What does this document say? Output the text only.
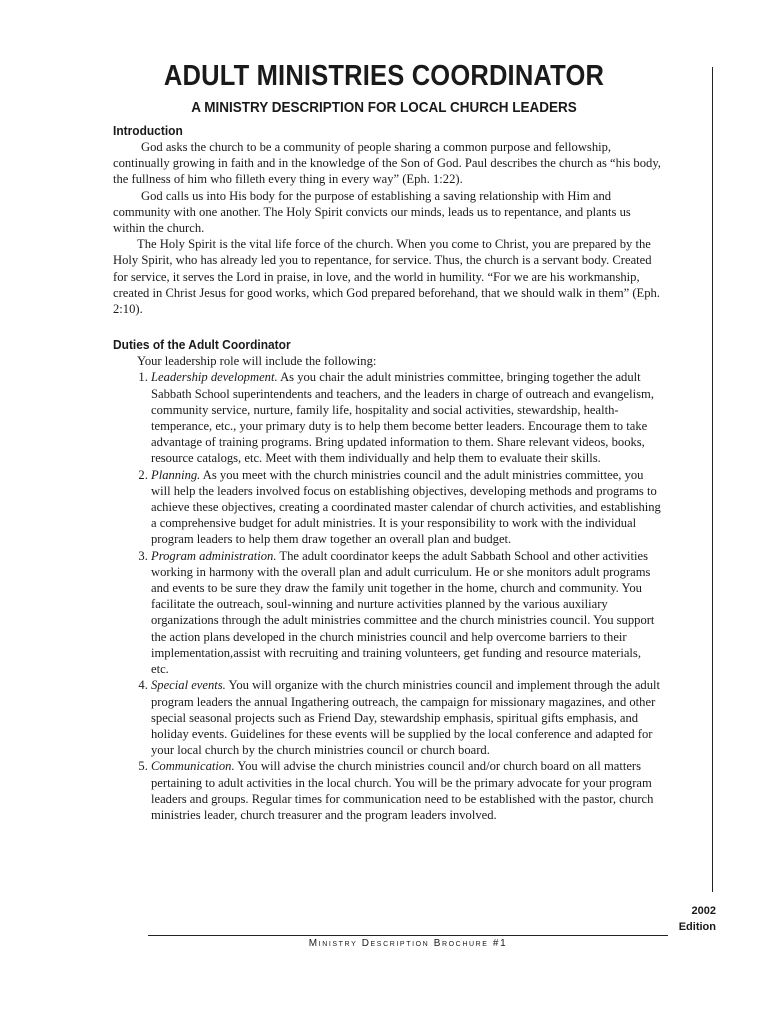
ADULT MINISTRIES COORDINATOR
A MINISTRY DESCRIPTION FOR LOCAL CHURCH LEADERS
Introduction

God asks the church to be a community of people sharing a common purpose and fellowship, continually growing in faith and in the knowledge of the Son of God. Paul describes the church as “his body, the fullness of him who filleth every thing in every way” (Eph. 1:22).

God calls us into His body for the purpose of establishing a saving relationship with Him and community with one another. The Holy Spirit convicts our minds, leads us to repentance, and plants us within the church.

The Holy Spirit is the vital life force of the church. When you come to Christ, you are prepared by the Holy Spirit, who has already led you to repentance, for service. Thus, the church is a servant body. Created for service, it serves the Lord in praise, in love, and the world in humility. “For we are his workmanship, created in Christ Jesus for good works, which God prepared beforehand, that we should walk in them” (Eph. 2:10).

Duties of the Adult Coordinator
Your leadership role will include the following:
1. Leadership development. As you chair the adult ministries committee, bringing together the adult Sabbath School superintendents and teachers, and the leaders in charge of outreach and evangelism, community service, nurture, family life, hospitality and social activities, stewardship, health-temperance, etc., your primary duty is to help them become better leaders. Encourage them to take advantage of training programs. Bring updated information to them. Share relevant videos, books, resource catalogs, etc. Meet with them individually and help them to evaluate their skills.
2. Planning. As you meet with the church ministries council and the adult ministries committee, you will help the leaders involved focus on establishing objectives, developing methods and programs to achieve these objectives, creating a coordinated master calendar of church activities, and establishing a comprehensive budget for adult ministries. It is your responsibility to work with the individual program leaders to help them draw together an overall plan and budget.
3. Program administration. The adult coordinator keeps the adult Sabbath School and other activities working in harmony with the overall plan and adult curriculum. He or she monitors adult programs and events to be sure they draw the family unit together in the home, church and community. You facilitate the outreach, soul-winning and nurture activities planned by the various auxiliary organizations through the adult ministries committee and the church ministries council. You support the action plans developed in the church ministries council and help overcome barriers to their implementation,assist with recruiting and training volunteers, get funding and resource materials, etc.
4. Special events. You will organize with the church ministries council and implement through the adult program leaders the annual Ingathering outreach, the campaign for missionary magazines, and other special seasonal projects such as Friend Day, stewardship emphasis, spiritual gifts emphasis, and holiday events. Guidelines for these events will be supplied by the local conference and adapted for your local church by the church ministries council or church board.
5. Communication. You will advise the church ministries council and/or church board on all matters pertaining to adult activities in the local church. You will be the primary advocate for your program leaders and groups. Regular times for communication need to be established with the pastor, church ministries leader, church treasurer and the program leaders involved.
2002
Edition
Ministry Description Brochure #1
